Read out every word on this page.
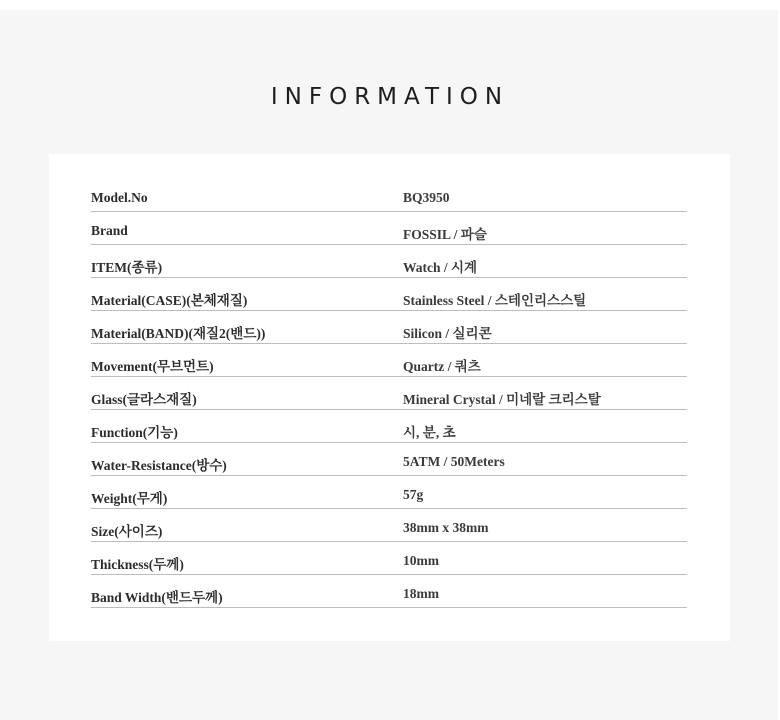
INFORMATION
Model.No	BQ3950
Brand	FOSSIL / 파슬
ITEM(종류)	Watch / 시계
Material(CASE)(본체재질)	Stainless Steel / 스테인리스스틸
Material(BAND)(재질2(밴드))	Silicon / 실리콘
Movement(무브먼트)	Quartz / 쿼츠
Glass(글라스재질)	Mineral Crystal / 미네랄 크리스탈
Function(기능)	시, 분, 초
Water-Resistance(방수)	5ATM / 50Meters
Weight(무게)	57g
Size(사이즈)	38mm x 38mm
Thickness(두께)	10mm
Band Width(밴드두께)	18mm
